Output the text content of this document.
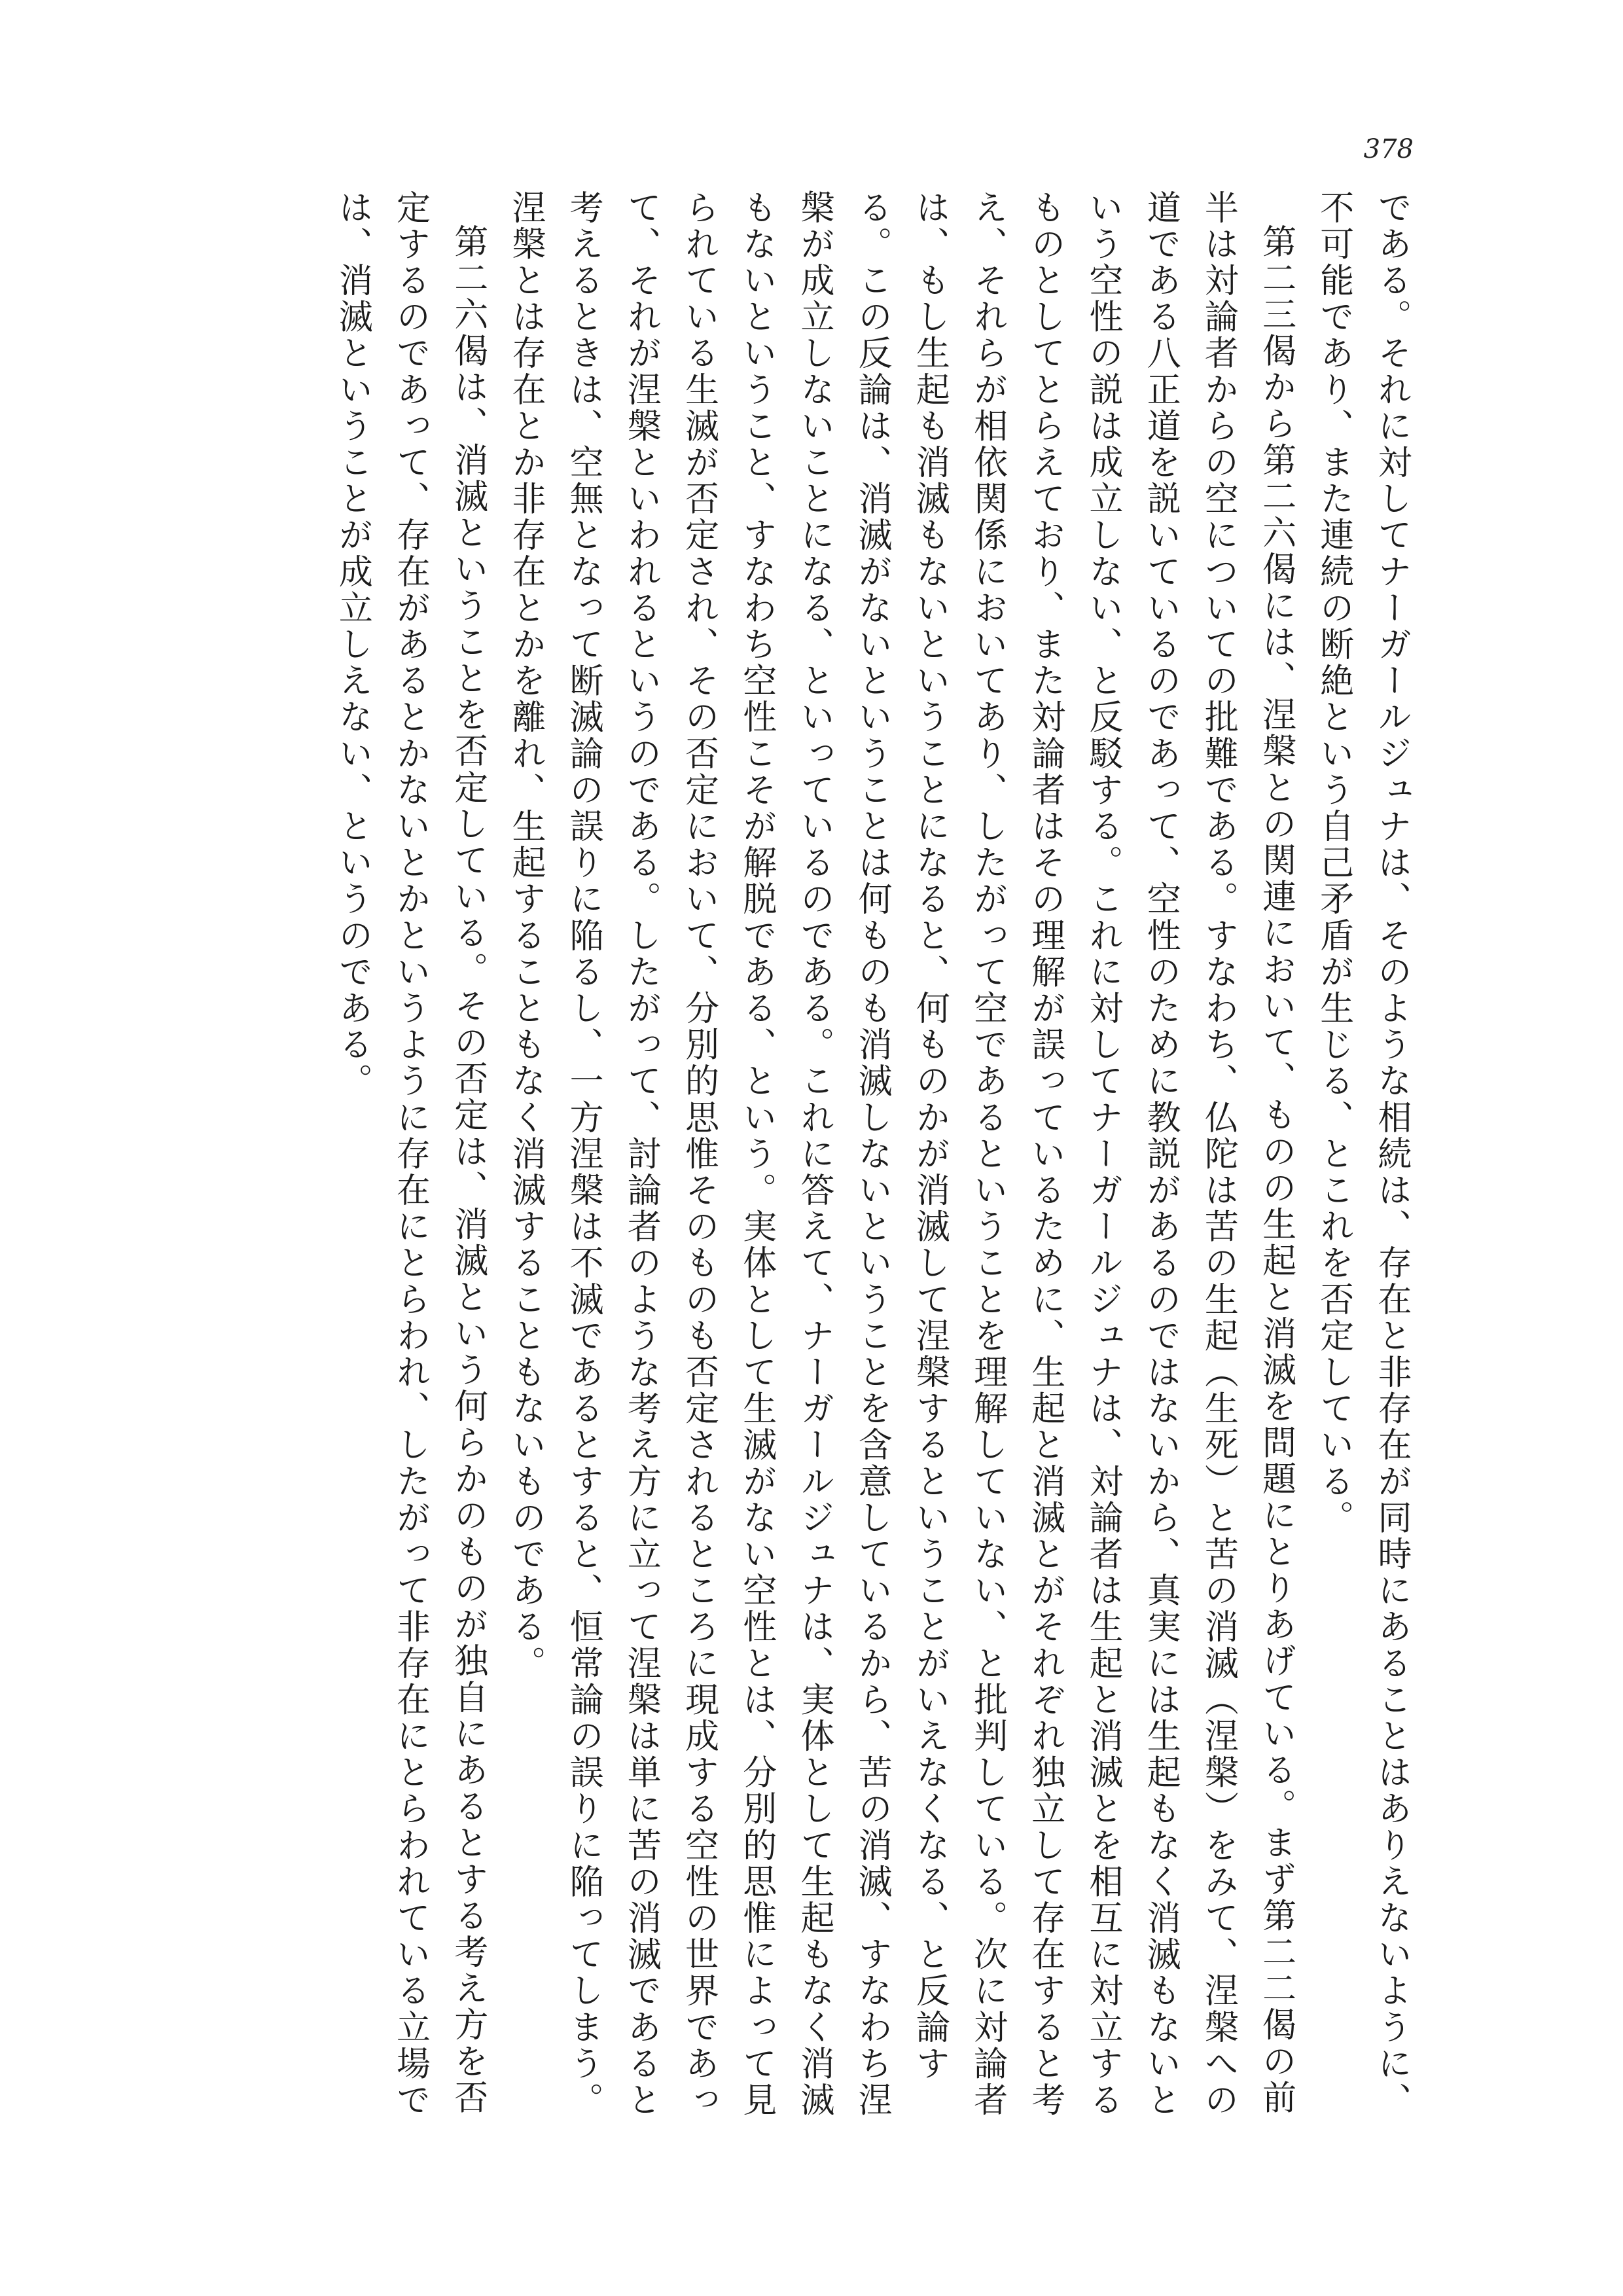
378

である。それに対してナーガールジュナは、そのような相続は、存在と非存在が同時にあることはありえないように、不可能であり、また連続の断絶という自己矛盾が生じる、とこれを否定している。

第二三偈から第二六偈には、涅槃との関連において、ものの生起と消滅を問題にとりあげている。まず第二二偈の前半は対論者からの空についての批難である。すなわち、仏陀は苦の生起（生死）と苦の消滅（涅槃）をみて、涅槃への道である八正道を説いているのであって、空性のために教説があるのではないから、真実には生起もなく消滅もないという空性の説は成立しない、と反駁する。これに対してナーガールジュナは、対論者は生起と消滅とを相互に対立するものとしてとらえており、また対論者はその理解が誤っているために、生起と消滅とがそれぞれ独立して存在すると考え、それらが相依関係においてあり、したがって空であるということを理解していない、と批判している。次に対論者は、もし生起も消滅もないということになると、何ものかが消滅して涅槃するということがいえなくなる、と反論する。この反論は、消滅がないということは何ものも消滅しないということを含意しているから、苦の消滅、すなわち涅槃が成立しないことになる、といっているのである。これに答えて、ナーガールジュナは、実体として生起もなく消滅もないということ、すなわち空性こそが解脱である、という。実体として生滅がない空性とは、分別的思惟によって見られている生滅が否定され、その否定において、分別的思惟そのものも否定されるところに現成する空性の世界であって、それが涅槃といわれるというのである。したがって、討論者のような考え方に立って涅槃は単に苦の消滅であると考えるときは、空無となって断滅論の誤りに陥るし、一方涅槃は不滅であるとすると、恒常論の誤りに陥ってしまう。涅槃とは存在とか非存在とかを離れ、生起することもなく消滅することもないものである。

第二六偈は、消滅ということを否定している。その否定は、消滅という何らかのものが独自にあるとする考え方を否定するのであって、存在があるとかないとかというように存在にとらわれ、したがって非存在にとらわれている立場では、消滅ということが成立しえない、というのである。
